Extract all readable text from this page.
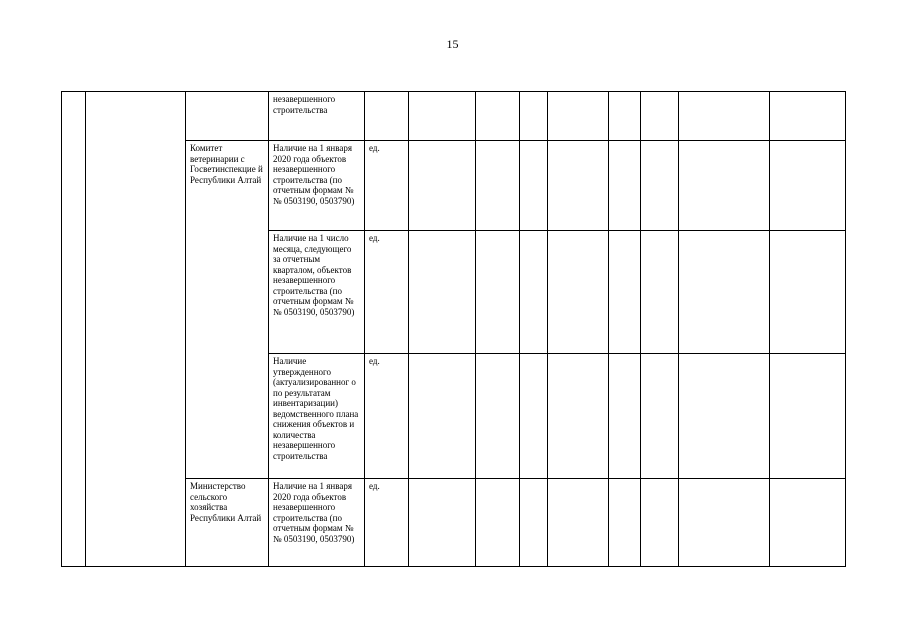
15
			незавершенного строительства									
		Комитет ветеринарии с Госветинспекцие й Республики Алтай	Наличие на 1 января 2020 года объектов незавершенного строительства (по отчетным формам №№ 0503190, 0503790)	ед.								
			Наличие на 1 число месяца, следующего за отчетным кварталом, объектов незавершенного строительства (по отчетным формам №№ 0503190, 0503790)	ед.								
			Наличие утвержденного (актуализированног о по результатам инвентаризации) ведомственного плана снижения объектов и количества незавершенного строительства	ед.								
		Министерство сельского хозяйства Республики Алтай	Наличие на 1 января 2020 года объектов незавершенного строительства (по отчетным формам №№ 0503190, 0503790)	ед.								
